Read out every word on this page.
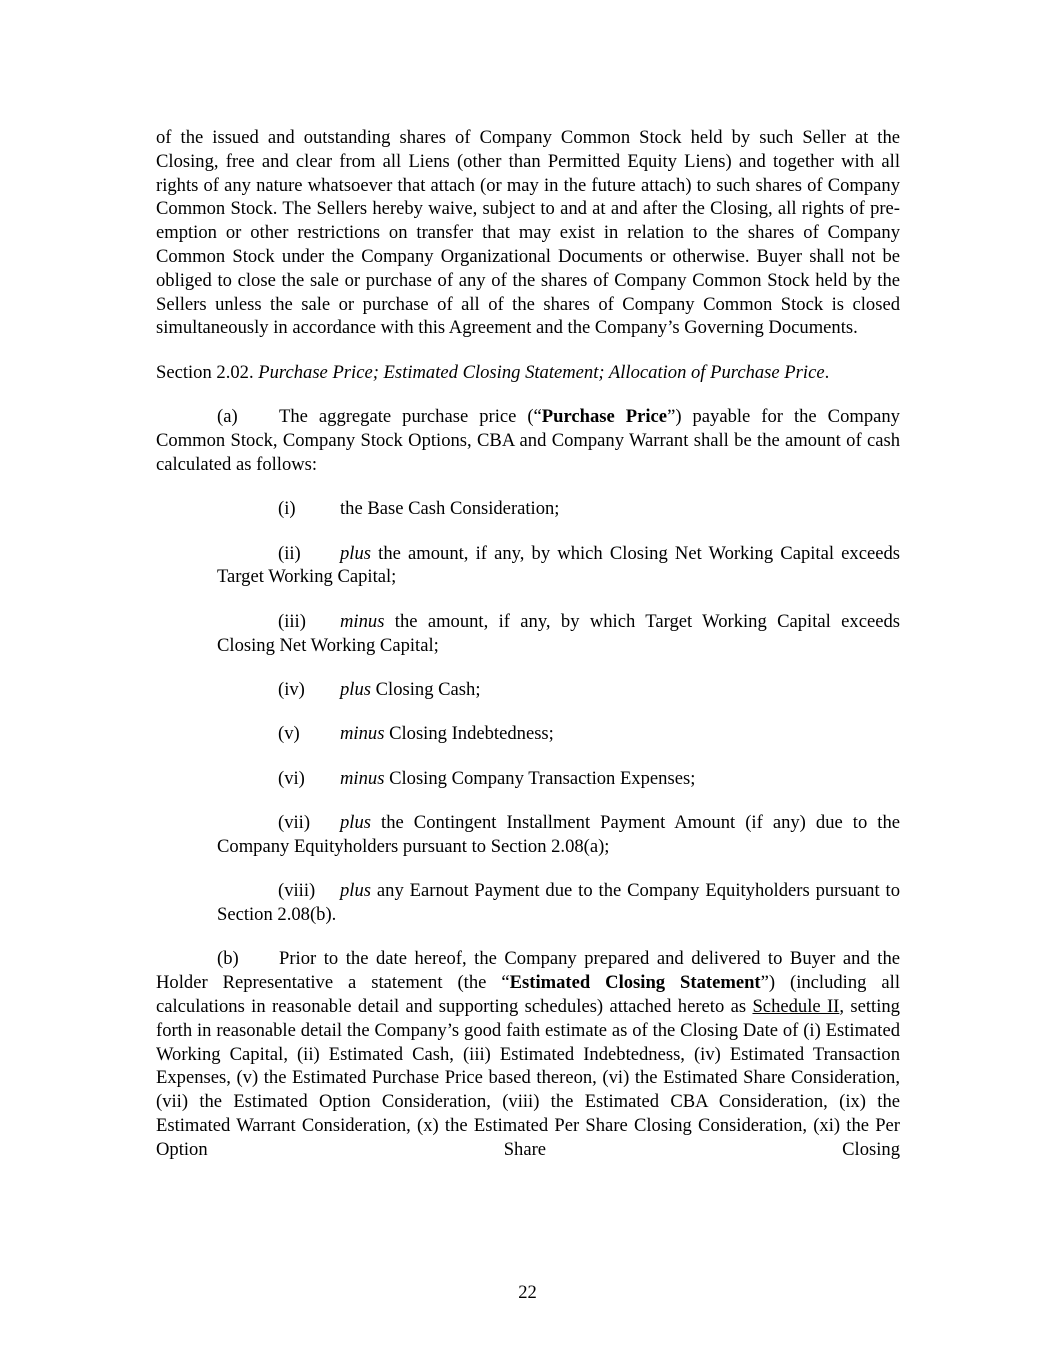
of the issued and outstanding shares of Company Common Stock held by such Seller at the Closing, free and clear from all Liens (other than Permitted Equity Liens) and together with all rights of any nature whatsoever that attach (or may in the future attach) to such shares of Company Common Stock. The Sellers hereby waive, subject to and at and after the Closing, all rights of pre-emption or other restrictions on transfer that may exist in relation to the shares of Company Common Stock under the Company Organizational Documents or otherwise. Buyer shall not be obliged to close the sale or purchase of any of the shares of Company Common Stock held by the Sellers unless the sale or purchase of all of the shares of Company Common Stock is closed simultaneously in accordance with this Agreement and the Company’s Governing Documents.

Section 2.02. Purchase Price; Estimated Closing Statement; Allocation of Purchase Price.

(a) The aggregate purchase price (“Purchase Price”) payable for the Company Common Stock, Company Stock Options, CBA and Company Warrant shall be the amount of cash calculated as follows:

(i) the Base Cash Consideration;

(ii) plus the amount, if any, by which Closing Net Working Capital exceeds Target Working Capital;

(iii) minus the amount, if any, by which Target Working Capital exceeds Closing Net Working Capital;

(iv) plus Closing Cash;

(v) minus Closing Indebtedness;

(vi) minus Closing Company Transaction Expenses;

(vii) plus the Contingent Installment Payment Amount (if any) due to the Company Equityholders pursuant to Section 2.08(a);

(viii) plus any Earnout Payment due to the Company Equityholders pursuant to Section 2.08(b).

(b) Prior to the date hereof, the Company prepared and delivered to Buyer and the Holder Representative a statement (the “Estimated Closing Statement”) (including all calculations in reasonable detail and supporting schedules) attached hereto as Schedule II, setting forth in reasonable detail the Company’s good faith estimate as of the Closing Date of (i) Estimated Working Capital, (ii) Estimated Cash, (iii) Estimated Indebtedness, (iv) Estimated Transaction Expenses, (v) the Estimated Purchase Price based thereon, (vi) the Estimated Share Consideration, (vii) the Estimated Option Consideration, (viii) the Estimated CBA Consideration, (ix) the Estimated Warrant Consideration, (x) the Estimated Per Share Closing Consideration, (xi) the Per Option Share Closing

22
